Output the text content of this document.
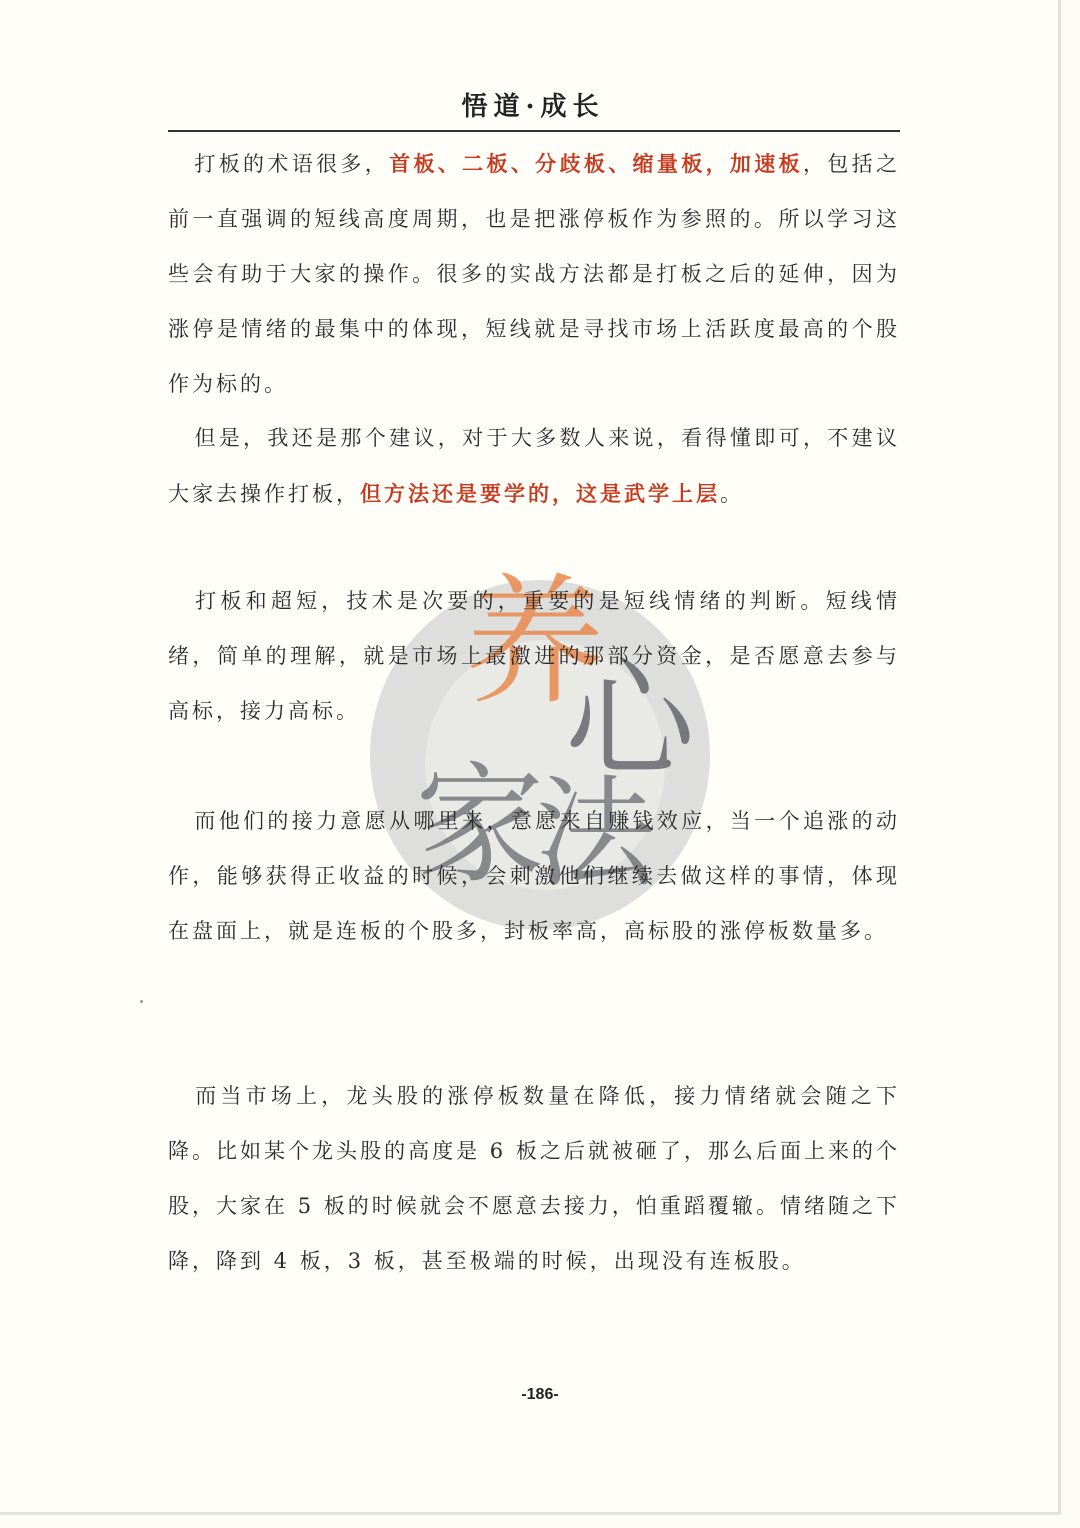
悟道·成长
养
心
家
法

打板的术语很多，首板、二板、分歧板、缩量板，加速板，包括之前一直强调的短线高度周期，也是把涨停板作为参照的。所以学习这些会有助于大家的操作。很多的实战方法都是打板之后的延伸，因为涨停是情绪的最集中的体现，短线就是寻找市场上活跃度最高的个股作为标的。

但是，我还是那个建议，对于大多数人来说，看得懂即可，不建议大家去操作打板，但方法还是要学的，这是武学上层。

打板和超短，技术是次要的，重要的是短线情绪的判断。短线情绪，简单的理解，就是市场上最激进的那部分资金，是否愿意去参与高标，接力高标。

而他们的接力意愿从哪里来，意愿来自赚钱效应，当一个追涨的动作，能够获得正收益的时候，会刺激他们继续去做这样的事情，体现在盘面上，就是连板的个股多，封板率高，高标股的涨停板数量多。

而当市场上，龙头股的涨停板数量在降低，接力情绪就会随之下降。比如某个龙头股的高度是 6 板之后就被砸了，那么后面上来的个股，大家在 5 板的时候就会不愿意去接力，怕重蹈覆辙。情绪随之下降，降到 4 板，3 板，甚至极端的时候，出现没有连板股。

-186-
